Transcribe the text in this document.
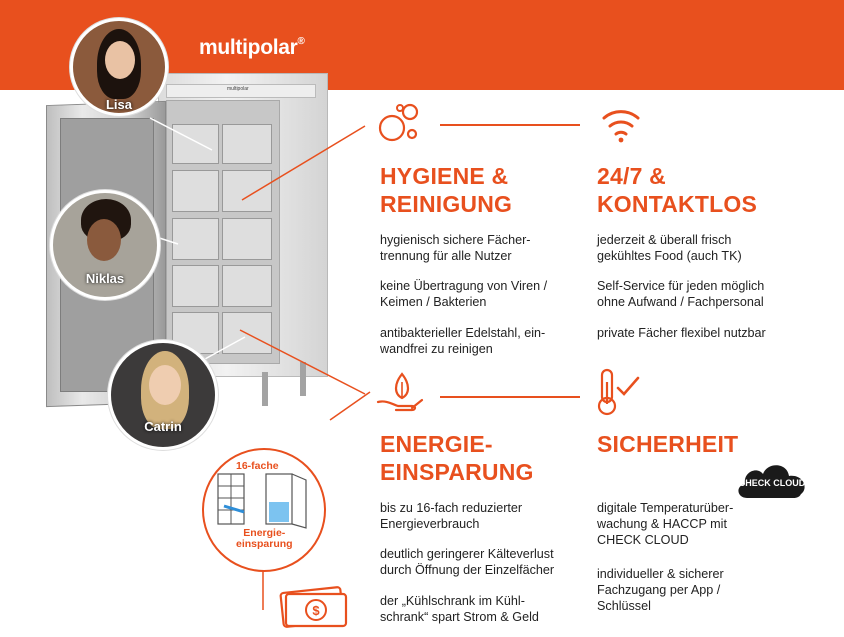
multipolar®
multipolar
Lisa
Niklas
Catrin
HYGIENE &
REINIGUNG

hygienisch sichere Fächer-
trennung für alle Nutzer

keine Übertragung von Viren /
Keimen / Bakterien

antibakterieller Edelstahl, ein-
wandfrei zu reinigen

24/7 &
KONTAKTLOS

jederzeit & überall frisch
gekühltes Food (auch TK)

Self-Service für jeden möglich
ohne Aufwand / Fachpersonal

private Fächer flexibel nutzbar

ENERGIE-
EINSPARUNG

bis zu 16-fach reduzierter
Energieverbrauch

deutlich geringerer Kälteverlust
durch Öffnung der Einzelfächer

der „Kühlschrank im Kühl-
schrank“ spart Strom & Geld

SICHERHEIT
CHECK CLOUD

digitale Temperaturüber-
wachung & HACCP mit
CHECK CLOUD

individueller & sicherer
Fachzugang per App /
Schlüssel

16-fache
Energie-
einsparung
$
